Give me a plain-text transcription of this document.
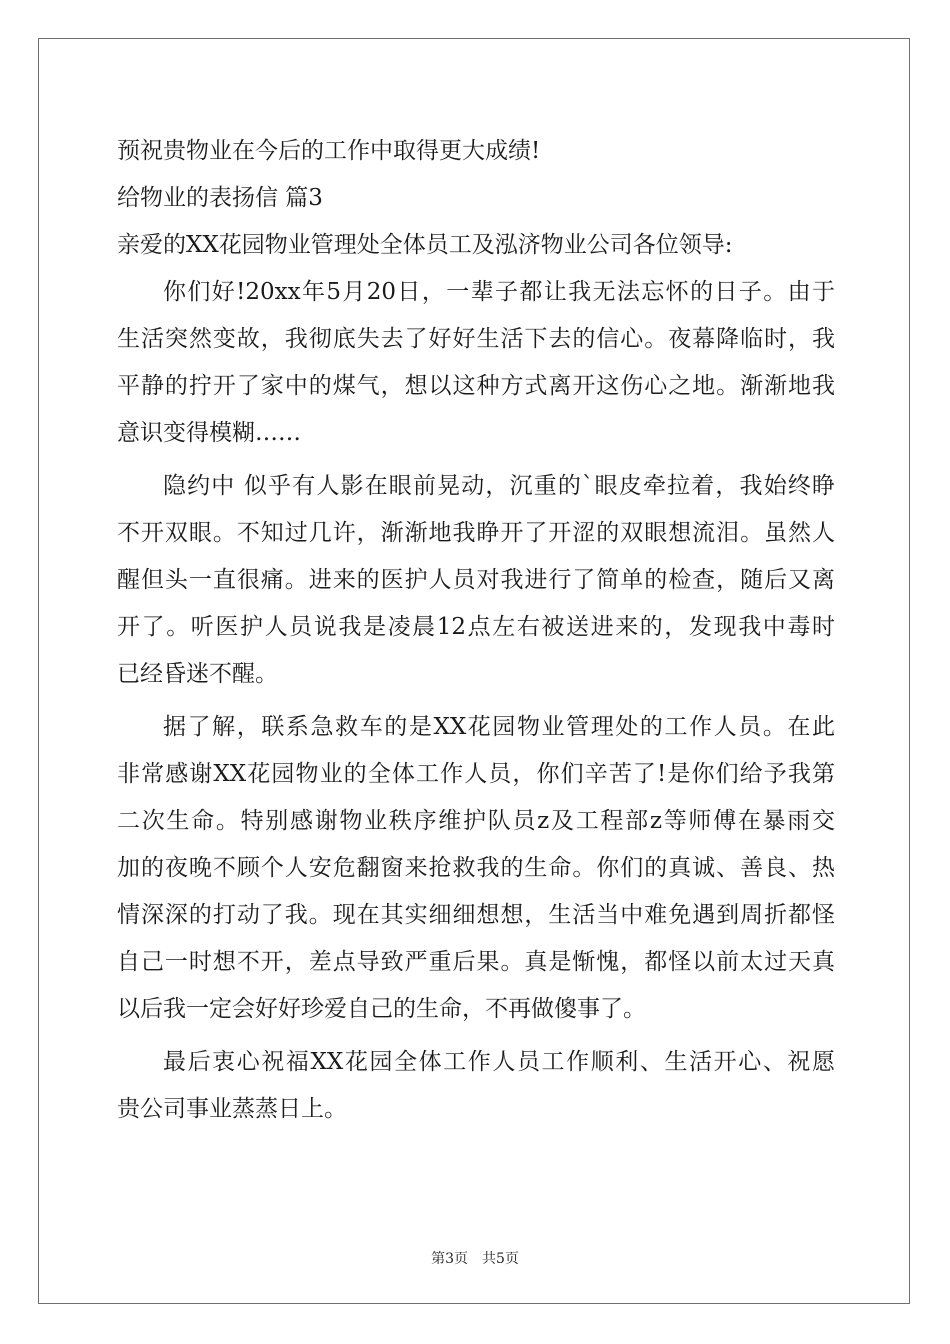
预祝贵物业在今后的工作中取得更大成绩!
给物业的表扬信 篇3
亲爱的XX花园物业管理处全体员工及泓济物业公司各位领导:
你们好!20xx年5月20日，一辈子都让我无法忘怀的日子。由于
生活突然变故，我彻底失去了好好生活下去的信心。夜幕降临时，我
平静的拧开了家中的煤气，想以这种方式离开这伤心之地。渐渐地我
意识变得模糊……
隐约中 似乎有人影在眼前晃动，沉重的`眼皮牵拉着，我始终睁
不开双眼。不知过几许，渐渐地我睁开了开涩的双眼想流泪。虽然人
醒但头一直很痛。进来的医护人员对我进行了简单的检查，随后又离
开了。听医护人员说我是凌晨12点左右被送进来的，发现我中毒时
已经昏迷不醒。
据了解，联系急救车的是XX花园物业管理处的工作人员。在此
非常感谢XX花园物业的全体工作人员，你们辛苦了!是你们给予我第
二次生命。特别感谢物业秩序维护队员z及工程部z等师傅在暴雨交
加的夜晚不顾个人安危翻窗来抢救我的生命。你们的真诚、善良、热
情深深的打动了我。现在其实细细想想，生活当中难免遇到周折都怪
自己一时想不开，差点导致严重后果。真是惭愧，都怪以前太过天真
以后我一定会好好珍爱自己的生命，不再做傻事了。
最后衷心祝福XX花园全体工作人员工作顺利、生活开心、祝愿
贵公司事业蒸蒸日上。
第3页 共5页
